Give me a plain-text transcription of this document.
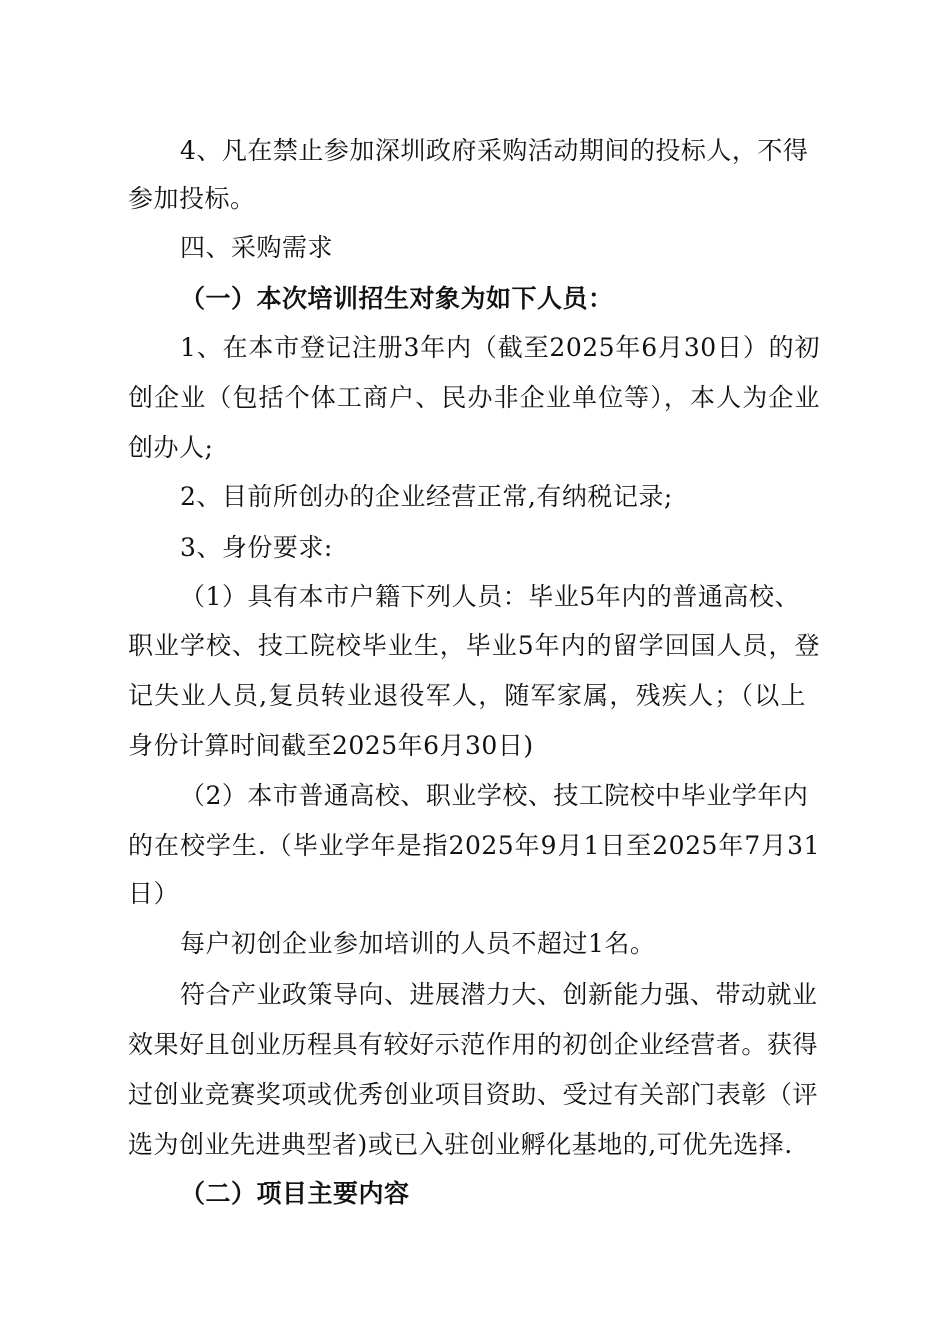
4、凡在禁止参加深圳政府采购活动期间的投标人，不得
参加投标。
四、采购需求
（一）本次培训招生对象为如下人员：
1、在本市登记注册3年内（截至2025年6月30日）的初
创企业（包括个体工商户、民办非企业单位等），本人为企业
创办人;
2、目前所创办的企业经营正常,有纳税记录;
3、身份要求:
（1）具有本市户籍下列人员：毕业5年内的普通高校、
职业学校、技工院校毕业生，毕业5年内的留学回国人员，登
记失业人员,复员转业退役军人，随军家属，残疾人；（以上
身份计算时间截至2025年6月30日)
（2）本市普通高校、职业学校、技工院校中毕业学年内
的在校学生.（毕业学年是指2025年9月1日至2025年7月31
日）
每户初创企业参加培训的人员不超过1名。
符合产业政策导向、进展潜力大、创新能力强、带动就业
效果好且创业历程具有较好示范作用的初创企业经营者。获得
过创业竞赛奖项或优秀创业项目资助、受过有关部门表彰（评
选为创业先进典型者)或已入驻创业孵化基地的,可优先选择.
（二）项目主要内容
